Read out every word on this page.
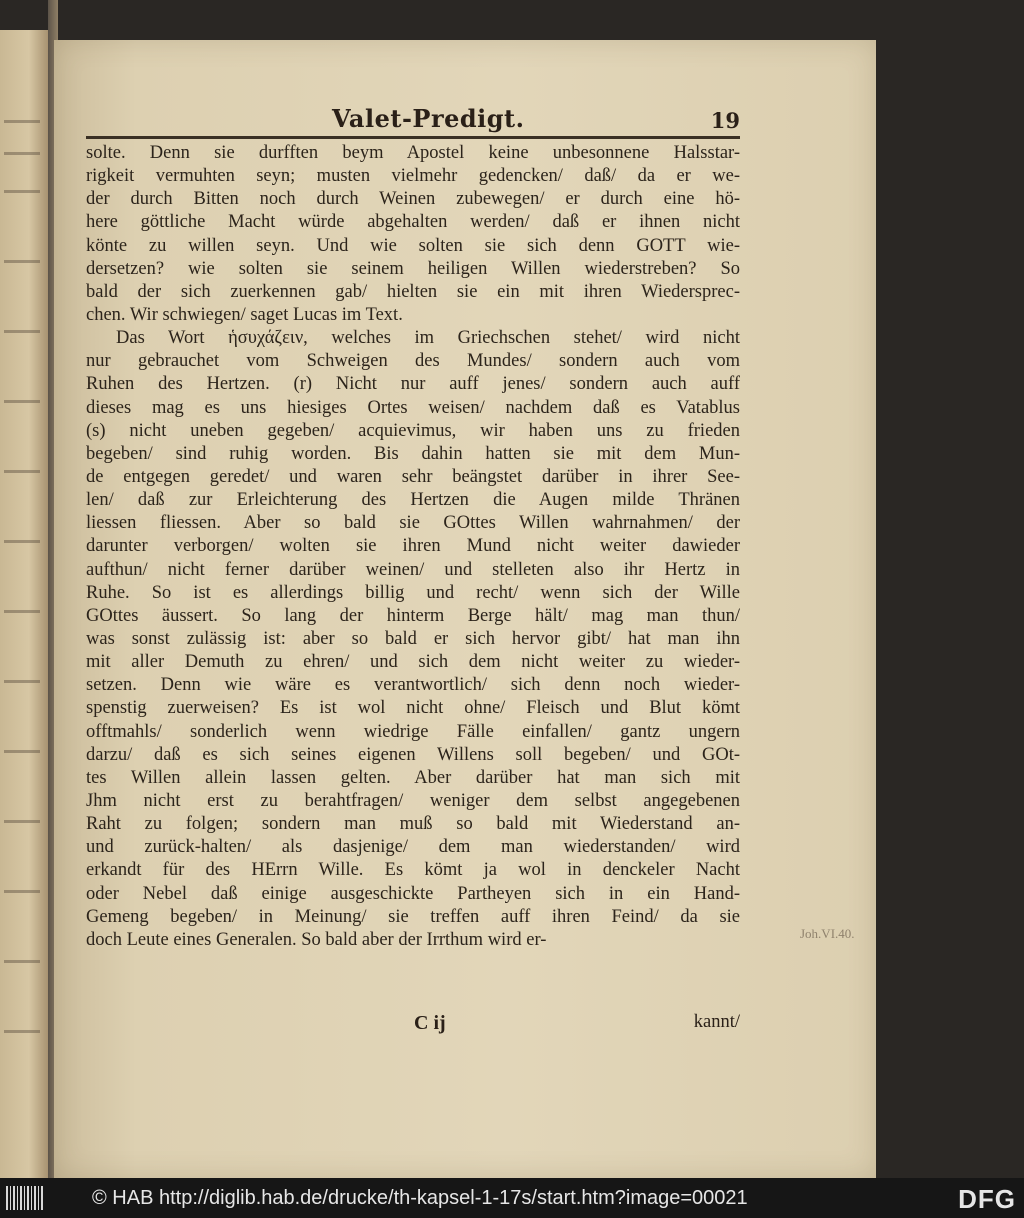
Valet-Predigt.	19
solte. Denn sie durfften beym Apostel keine unbesonnene Halsstar-
rigkeit vermuhten seyn; musten vielmehr gedencken/ daß/ da er we-
der durch Bitten noch durch Weinen zubewegen/ er durch eine hö-
here göttliche Macht würde abgehalten werden/ daß er ihnen nicht
könte zu willen seyn. Und wie solten sie sich denn GOTT wie-
dersetzen? wie solten sie seinem heiligen Willen wiederstreben? So
bald der sich zuerkennen gab/ hielten sie ein mit ihren Wiedersprec-
chen. Wir schwiegen/ saget Lucas im Text.
Das Wort ἡσυχάζειν, welches im Griechschen stehet/ wird nicht
nur gebrauchet vom Schweigen des Mundes/ sondern auch vom
Ruhen des Hertzen. (r) Nicht nur auff jenes/ sondern auch auff
dieses mag es uns hiesiges Ortes weisen/ nachdem daß es Vatablus
(s) nicht uneben gegeben/ acquievimus, wir haben uns zu frieden
begeben/ sind ruhig worden. Bis dahin hatten sie mit dem Mun-
de entgegen geredet/ und waren sehr beängstet darüber in ihrer See-
len/ daß zur Erleichterung des Hertzen die Augen milde Thränen
liessen fliessen. Aber so bald sie GOttes Willen wahrnahmen/ der
darunter verborgen/ wolten sie ihren Mund nicht weiter dawieder
aufthun/ nicht ferner darüber weinen/ und stelleten also ihr Hertz in
Ruhe. So ist es allerdings billig und recht/ wenn sich der Wille
GOttes äussert. So lang der hinterm Berge hält/ mag man thun/
was sonst zulässig ist: aber so bald er sich hervor gibt/ hat man ihn
mit aller Demuth zu ehren/ und sich dem nicht weiter zu wieder-
setzen. Denn wie wäre es verantwortlich/ sich denn noch wieder-
spenstig zuerweisen? Es ist wol nicht ohne/ Fleisch und Blut kömt
offtmahls/ sonderlich wenn wiedrige Fälle einfallen/ gantz ungern
darzu/ daß es sich seines eigenen Willens soll begeben/ und GOt-
tes Willen allein lassen gelten. Aber darüber hat man sich mit
Jhm nicht erst zu berahtfragen/ weniger dem selbst angegebenen
Raht zu folgen; sondern man muß so bald mit Wiederstand an-
und zurück-halten/ als dasjenige/ dem man wiederstanden/ wird
erkandt für des HErrn Wille. Es kömt ja wol in denckeler Nacht
oder Nebel daß einige ausgeschickte Partheyen sich in ein Hand-
Gemeng begeben/ in Meinung/ sie treffen auff ihren Feind/ da sie
doch Leute eines Generalen. So bald aber der Irrthum wird er-
C ij	kannt/
Joh.VI.40.
© HAB http://diglib.hab.de/drucke/th-kapsel-1-17s/start.htm?image=00021	DFG
